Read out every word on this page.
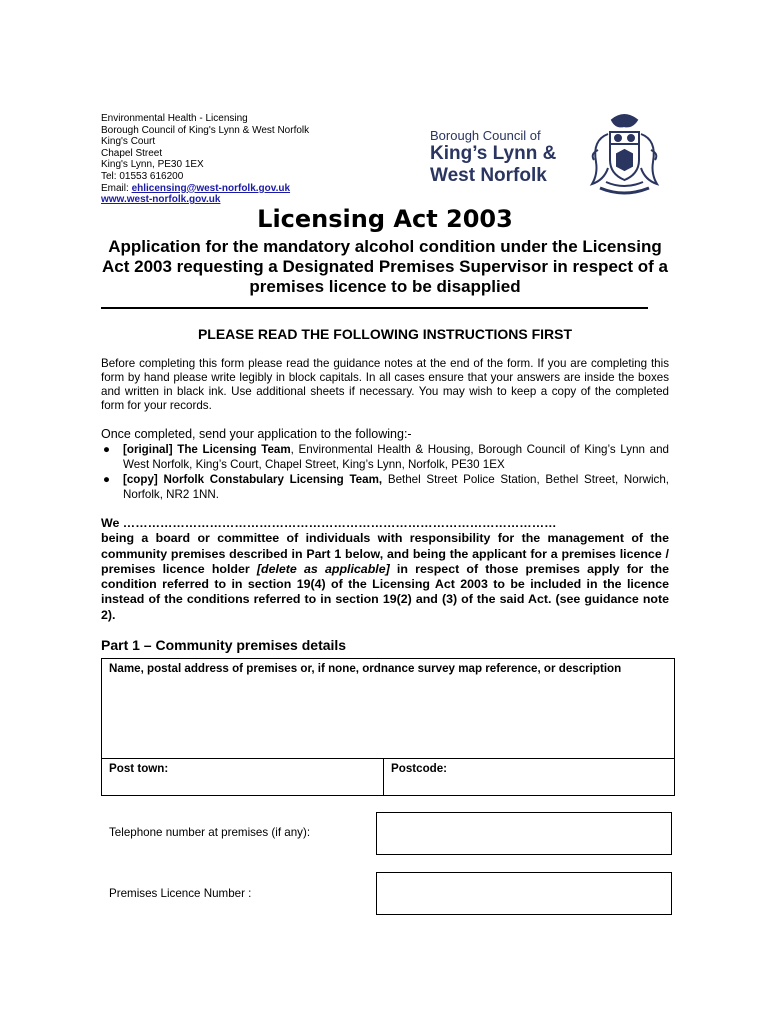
Environmental Health - Licensing
Borough Council of King's Lynn & West Norfolk
King's Court
Chapel Street
King's Lynn, PE30 1EX
Tel: 01553 616200
Email: ehlicensing@west-norfolk.gov.uk
www.west-norfolk.gov.uk
Borough Council of
King’s Lynn &
West Norfolk
Licensing Act 2003
Application for the mandatory alcohol condition under the Licensing Act 2003 requesting a Designated Premises Supervisor in respect of a premises licence to be disapplied
PLEASE READ THE FOLLOWING INSTRUCTIONS FIRST
Before completing this form please read the guidance notes at the end of the form. If you are completing this form by hand please write legibly in block capitals. In all cases ensure that your answers are inside the boxes and written in black ink. Use additional sheets if necessary. You may wish to keep a copy of the completed form for your records.
Once completed, send your application to the following:-
● [original] The Licensing Team, Environmental Health & Housing, Borough Council of King’s Lynn and West Norfolk, King’s Court, Chapel Street, King’s Lynn, Norfolk, PE30 1EX
● [copy] Norfolk Constabulary Licensing Team, Bethel Street Police Station, Bethel Street, Norwich, Norfolk, NR2 1NN.
We ……………………………………………………………………………………………
being a board or committee of individuals with responsibility for the management of the community premises described in Part 1 below, and being the applicant for a premises licence / premises licence holder [delete as applicable] in respect of those premises apply for the condition referred to in section 19(4) of the Licensing Act 2003 to be included in the licence instead of the conditions referred to in section 19(2) and (3) of the said Act. (see guidance note 2).
Part 1 – Community premises details
Name, postal address of premises or, if none, ordnance survey map reference, or description
Post town:	Postcode:
Telephone number at premises (if any):
Premises Licence Number :
